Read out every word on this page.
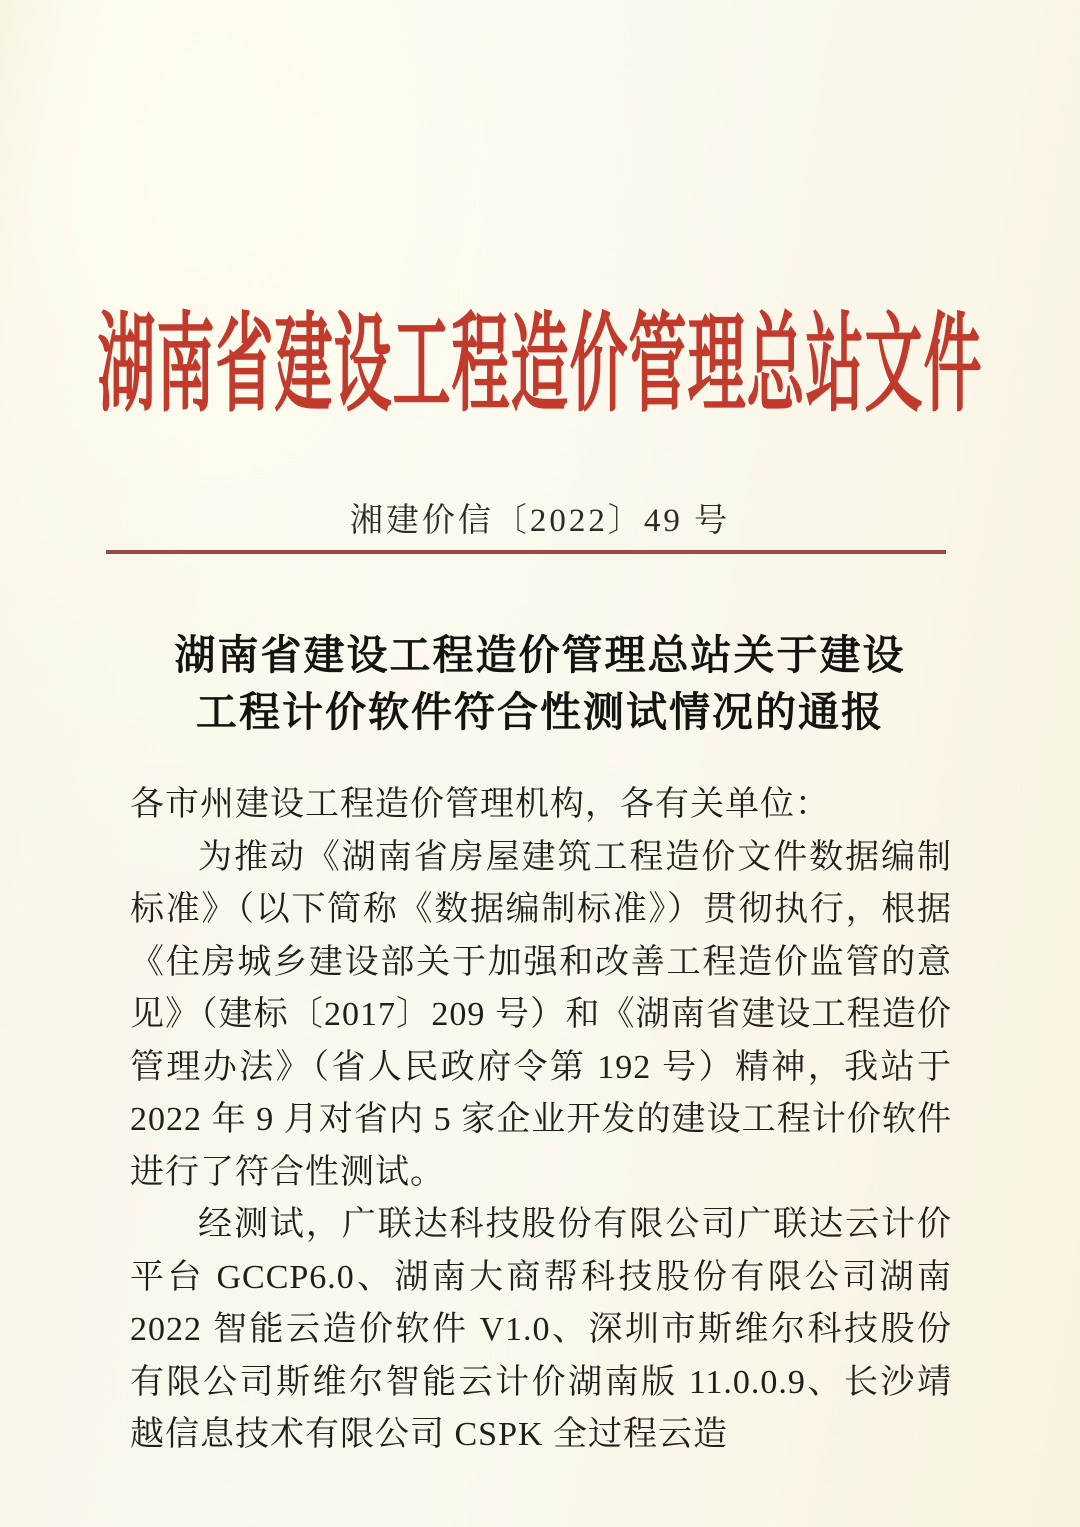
湖南省建设工程造价管理总站文件
湘建价信〔2022〕49 号
湖南省建设工程造价管理总站关于建设
工程计价软件符合性测试情况的通报

各市州建设工程造价管理机构，各有关单位：

为推动《湖南省房屋建筑工程造价文件数据编制标准》（以下简称《数据编制标准》）贯彻执行，根据《住房城乡建设部关于加强和改善工程造价监管的意见》（建标〔2017〕209 号）和《湖南省建设工程造价管理办法》（省人民政府令第 192 号）精神，我站于 2022 年 9 月对省内 5 家企业开发的建设工程计价软件进行了符合性测试。

经测试，广联达科技股份有限公司广联达云计价平台 GCCP6.0、湖南大商帮科技股份有限公司湖南 2022 智能云造价软件 V1.0、深圳市斯维尔科技股份有限公司斯维尔智能云计价湖南版 11.0.0.9、长沙靖越信息技术有限公司 CSPK 全过程云造
